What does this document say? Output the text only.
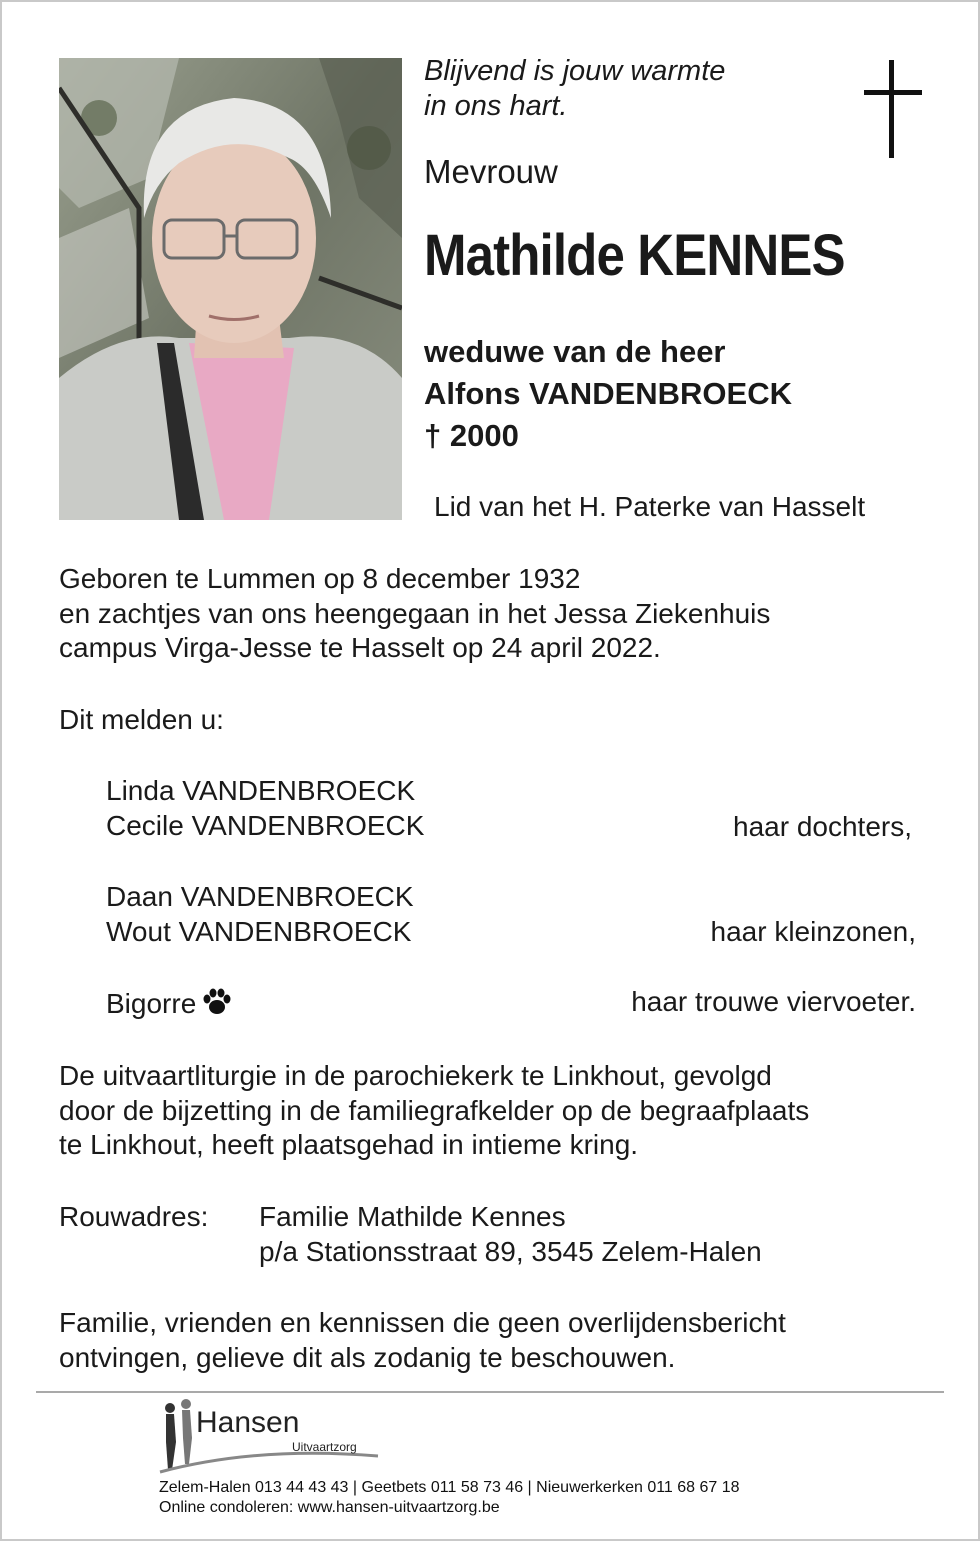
Blijvend is jouw warmte
in ons hart.
Mevrouw
Mathilde KENNES
weduwe van de heer
Alfons VANDENBROECK
† 2000
Lid van het H. Paterke van Hasselt
Geboren te Lummen op 8 december 1932
en zachtjes van ons heengegaan in het Jessa Ziekenhuis
campus Virga-Jesse te Hasselt op 24 april 2022.
Dit melden u:
Linda VANDENBROECK
Cecile VANDENBROECK	haar dochters,
Daan VANDENBROECK
Wout VANDENBROECK	haar kleinzonen,
Bigorre	haar trouwe viervoeter.
De uitvaartliturgie in de parochiekerk te Linkhout, gevolgd
door de bijzetting in de familiegrafkelder op de begraafplaats
te Linkhout, heeft plaatsgehad in intieme kring.
Rouwadres: Familie Mathilde Kennes
p/a Stationsstraat 89, 3545 Zelem-Halen
Familie, vrienden en kennissen die geen overlijdensbericht
ontvingen, gelieve dit als zodanig te beschouwen.
Hansen
Uitvaartzorg
Zelem-Halen 013 44 43 43 | Geetbets 011 58 73 46 | Nieuwerkerken 011 68 67 18
Online condoleren: www.hansen-uitvaartzorg.be
